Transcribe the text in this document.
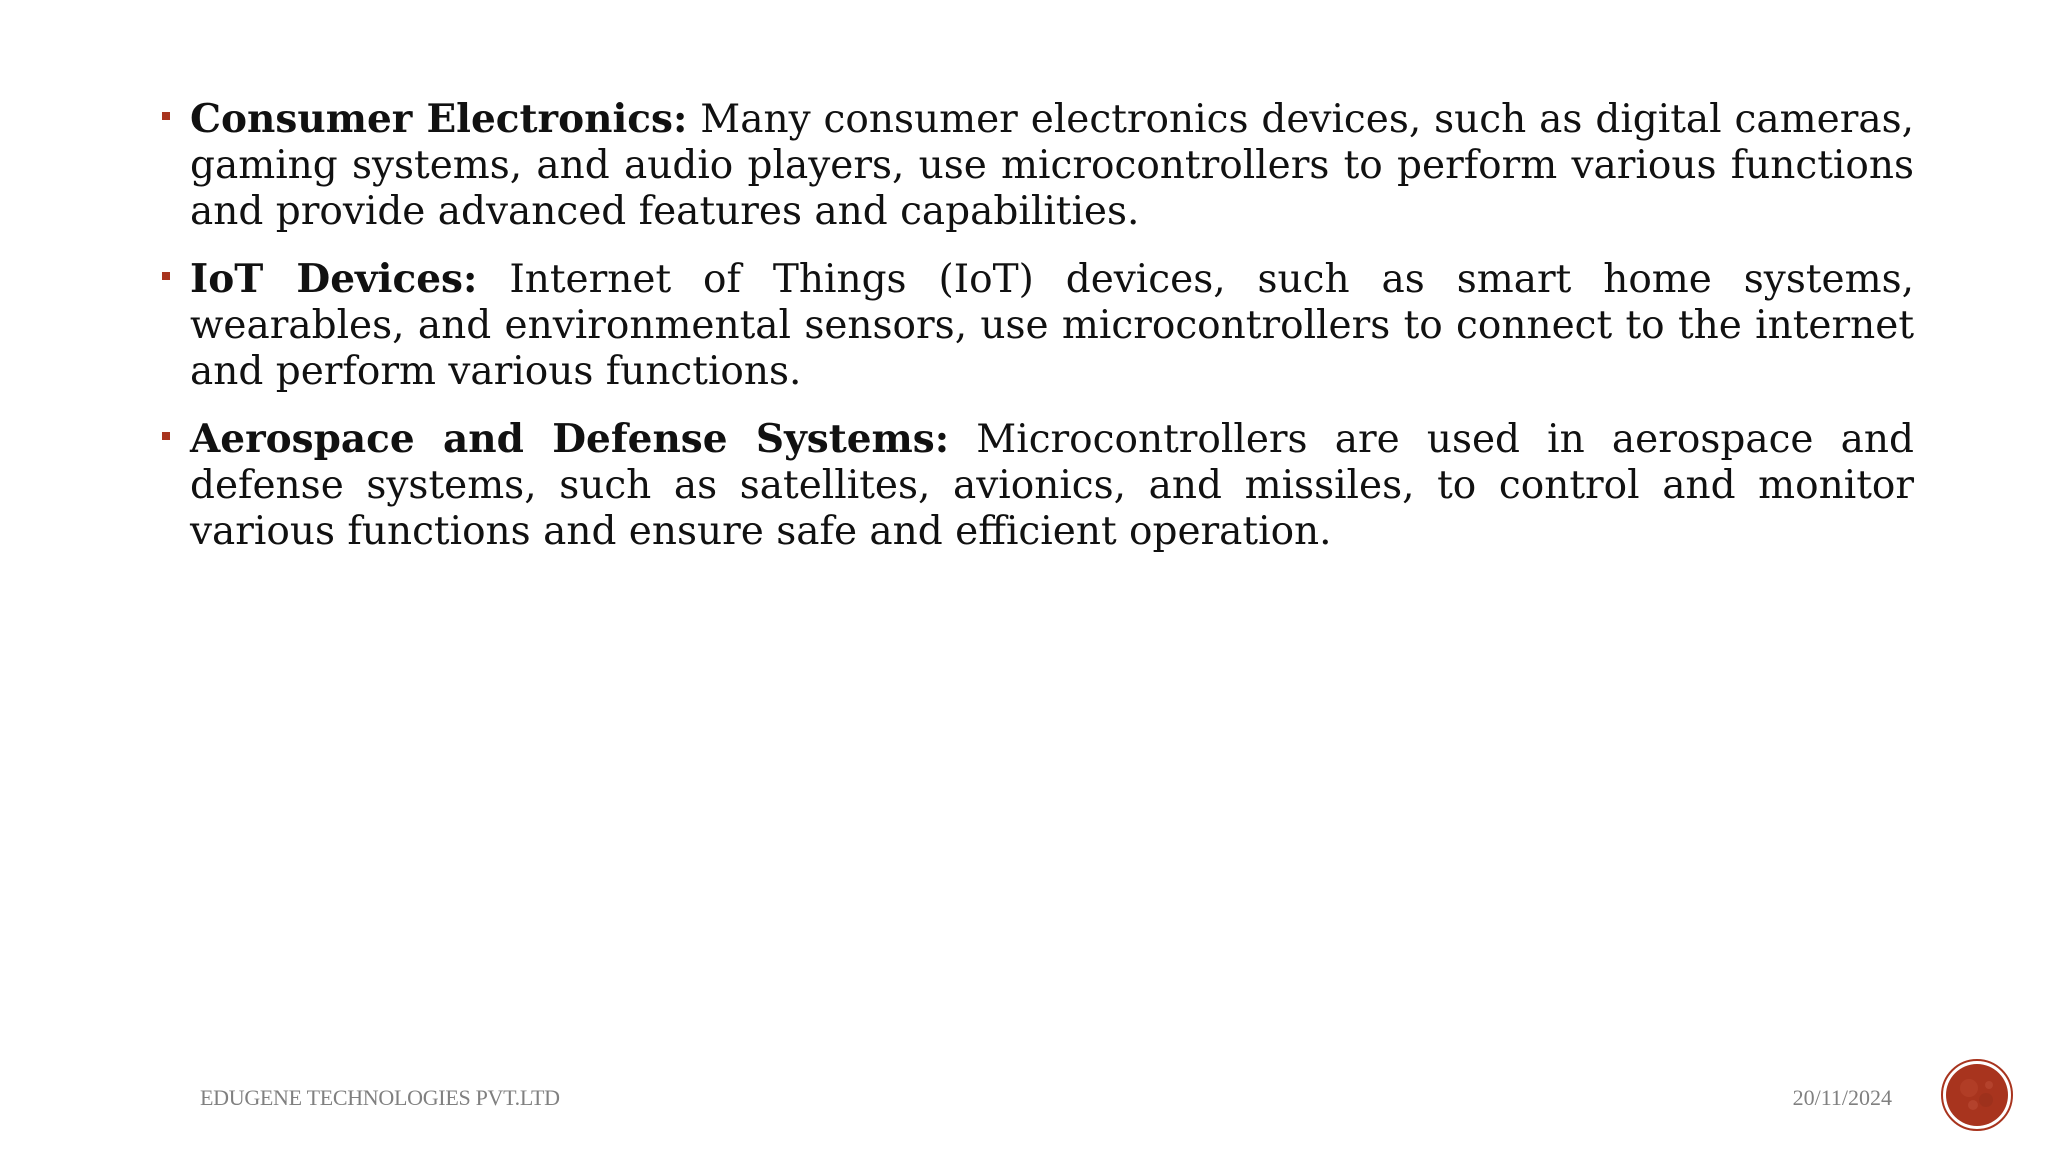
Consumer Electronics: Many consumer electronics devices, such as digital cameras, gaming systems, and audio players, use microcontrollers to perform various functions and provide advanced features and capabilities.
IoT Devices: Internet of Things (IoT) devices, such as smart home systems, wearables, and environmental sensors, use microcontrollers to connect to the internet and perform various functions.
Aerospace and Defense Systems: Microcontrollers are used in aerospace and defense systems, such as satellites, avionics, and missiles, to control and monitor various functions and ensure safe and efficient operation.
EDUGENE TECHNOLOGIES PVT.LTD	20/11/2024
